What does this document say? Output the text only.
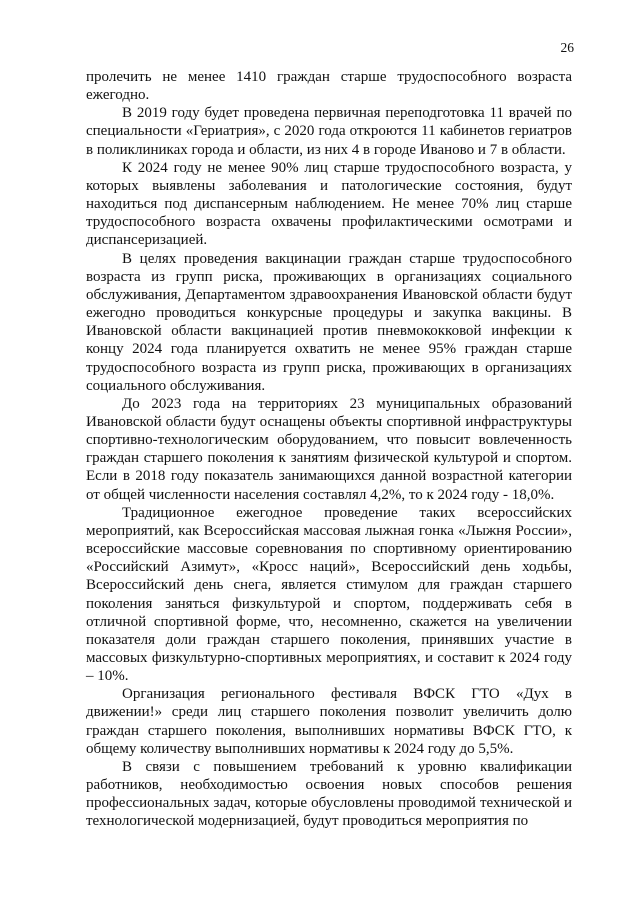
26

пролечить не менее 1410 граждан старше трудоспособного возраста ежегодно.

В 2019 году будет проведена первичная переподготовка 11 врачей по специальности «Гериатрия», с 2020 года откроются 11 кабинетов гериатров в поликлиниках города и области, из них 4 в городе Иваново и 7 в области.

К 2024 году не менее 90% лиц старше трудоспособного возраста, у которых выявлены заболевания и патологические состояния, будут находиться под диспансерным наблюдением. Не менее 70% лиц старше трудоспособного возраста охвачены профилактическими осмотрами и диспансеризацией.

В целях проведения вакцинации граждан старше трудоспособного возраста из групп риска, проживающих в организациях социального обслуживания, Департаментом здравоохранения Ивановской области будут ежегодно проводиться конкурсные процедуры и закупка вакцины. В Ивановской области вакцинацией против пневмококковой инфекции к концу 2024 года планируется охватить не менее 95% граждан старше трудоспособного возраста из групп риска, проживающих в организациях социального обслуживания.

До 2023 года на территориях 23 муниципальных образований Ивановской области будут оснащены объекты спортивной инфраструктуры спортивно-технологическим оборудованием, что повысит вовлеченность граждан старшего поколения к занятиям физической культурой и спортом. Если в 2018 году показатель занимающихся данной возрастной категории от общей численности населения составлял 4,2%, то к 2024 году - 18,0%.

Традиционное ежегодное проведение таких всероссийских мероприятий, как Всероссийская массовая лыжная гонка «Лыжня России», всероссийские массовые соревнования по спортивному ориентированию «Российский Азимут», «Кросс наций», Всероссийский день ходьбы, Всероссийский день снега, является стимулом для граждан старшего поколения заняться физкультурой и спортом, поддерживать себя в отличной спортивной форме, что, несомненно, скажется на увеличении показателя доли граждан старшего поколения, принявших участие в массовых физкультурно-спортивных мероприятиях, и составит к 2024 году – 10%.

Организация регионального фестиваля ВФСК ГТО «Дух в движении!» среди лиц старшего поколения позволит увеличить долю граждан старшего поколения, выполнивших нормативы ВФСК ГТО, к общему количеству выполнивших нормативы к 2024 году до 5,5%.

В связи с повышением требований к уровню квалификации работников, необходимостью освоения новых способов решения профессиональных задач, которые обусловлены проводимой технической и технологической модернизацией, будут проводиться мероприятия по
